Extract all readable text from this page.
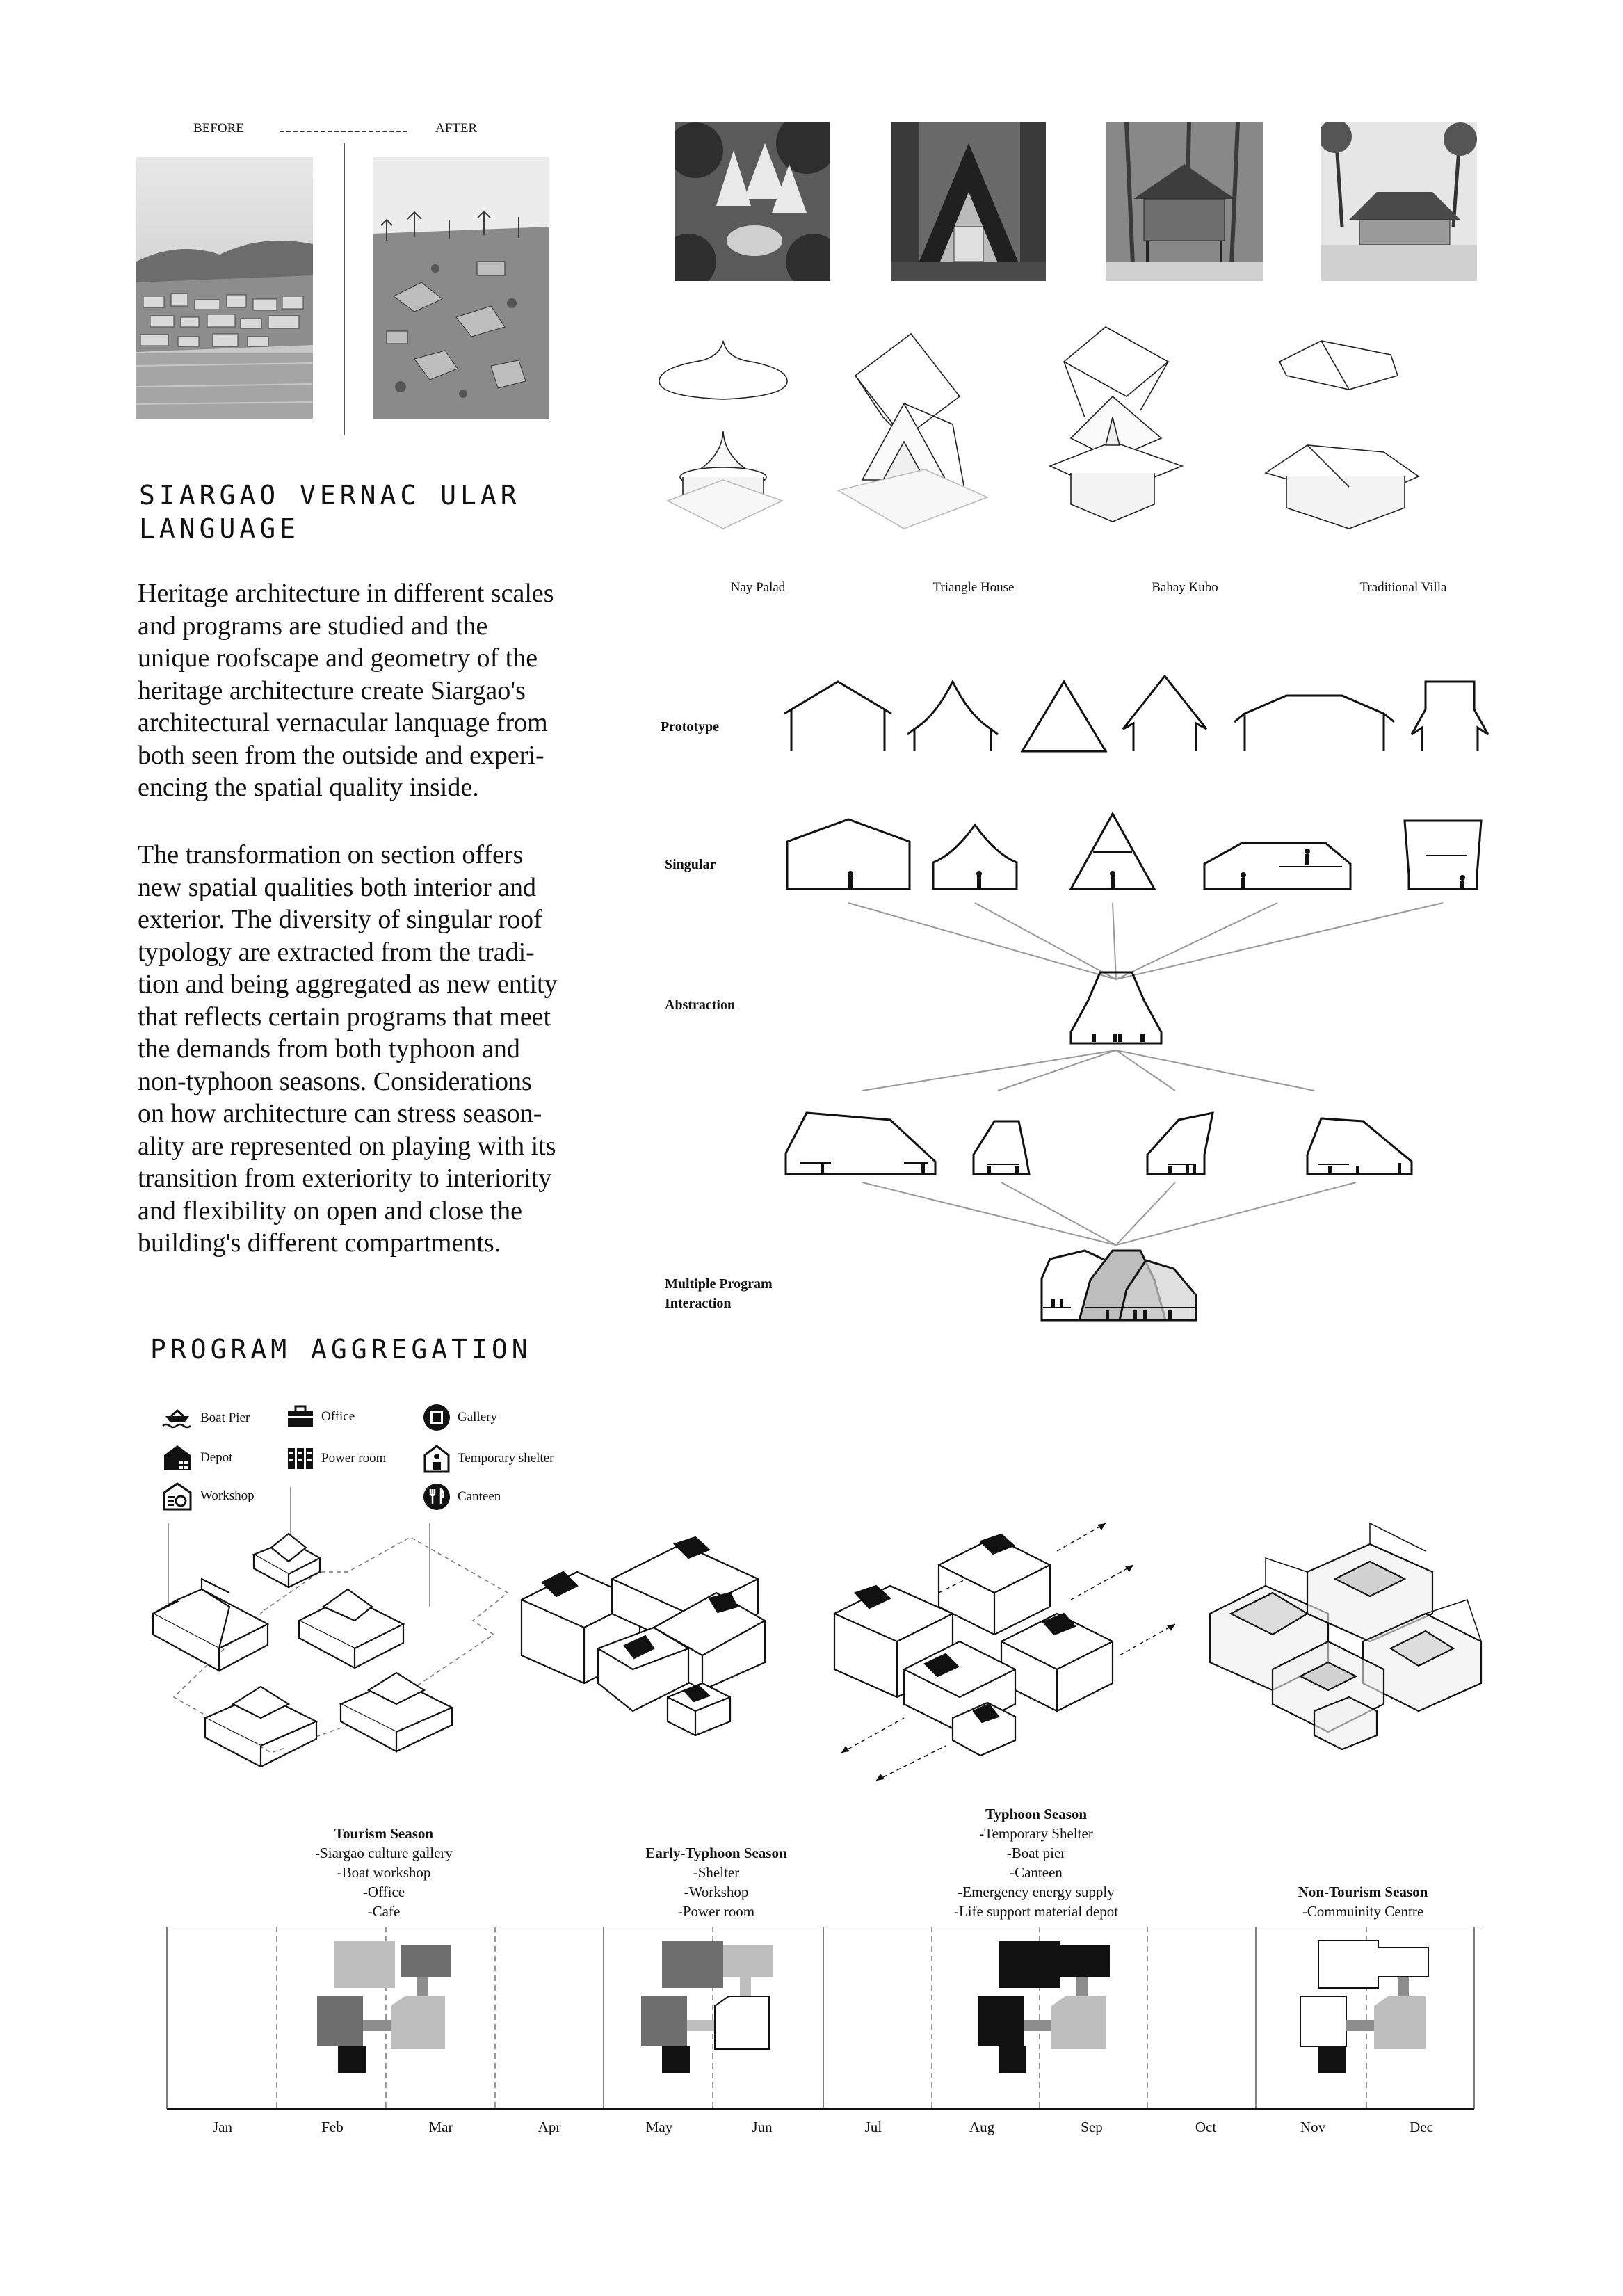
BEFORE	AFTER
Nay Palad	Triangle House	Bahay Kubo	Traditional Villa
SIARGAO VERNAC ULAR
LANGUAGE
Heritage architecture in different scales
and programs are studied and the
unique roofscape and geometry of the
heritage architecture create Siargao's
architectural vernacular lanquage from
both seen from the outside and experi-
encing the spatial quality inside.
The transformation on section offers
new spatial qualities both interior and
exterior. The diversity of singular roof
typology are extracted from the tradi-
tion and being aggregated as new entity
that reflects certain programs that meet
the demands from both typhoon and
non-typhoon seasons. Considerations
on how architecture can stress season-
ality are represented on playing with its
transition from exteriority to interiority
and flexibility on open and close the
building's different compartments.
Prototype
Singular
Abstraction
Multiple Program
Interaction
PROGRAM AGGREGATION
Boat Pier	Office	Gallery
Depot	Power room	Temporary shelter
Workshop	Canteen
Tourism Season
-Siargao culture gallery
-Boat workshop
-Office
-Cafe
Early-Typhoon Season
-Shelter
-Workshop
-Power room
Typhoon Season
-Temporary Shelter
-Boat pier
-Canteen
-Emergency energy supply
-Life support material depot
Non-Tourism Season
-Commuinity Centre
Jan	Feb	Mar	Apr	May	Jun	Jul	Aug	Sep	Oct	Nov	Dec
